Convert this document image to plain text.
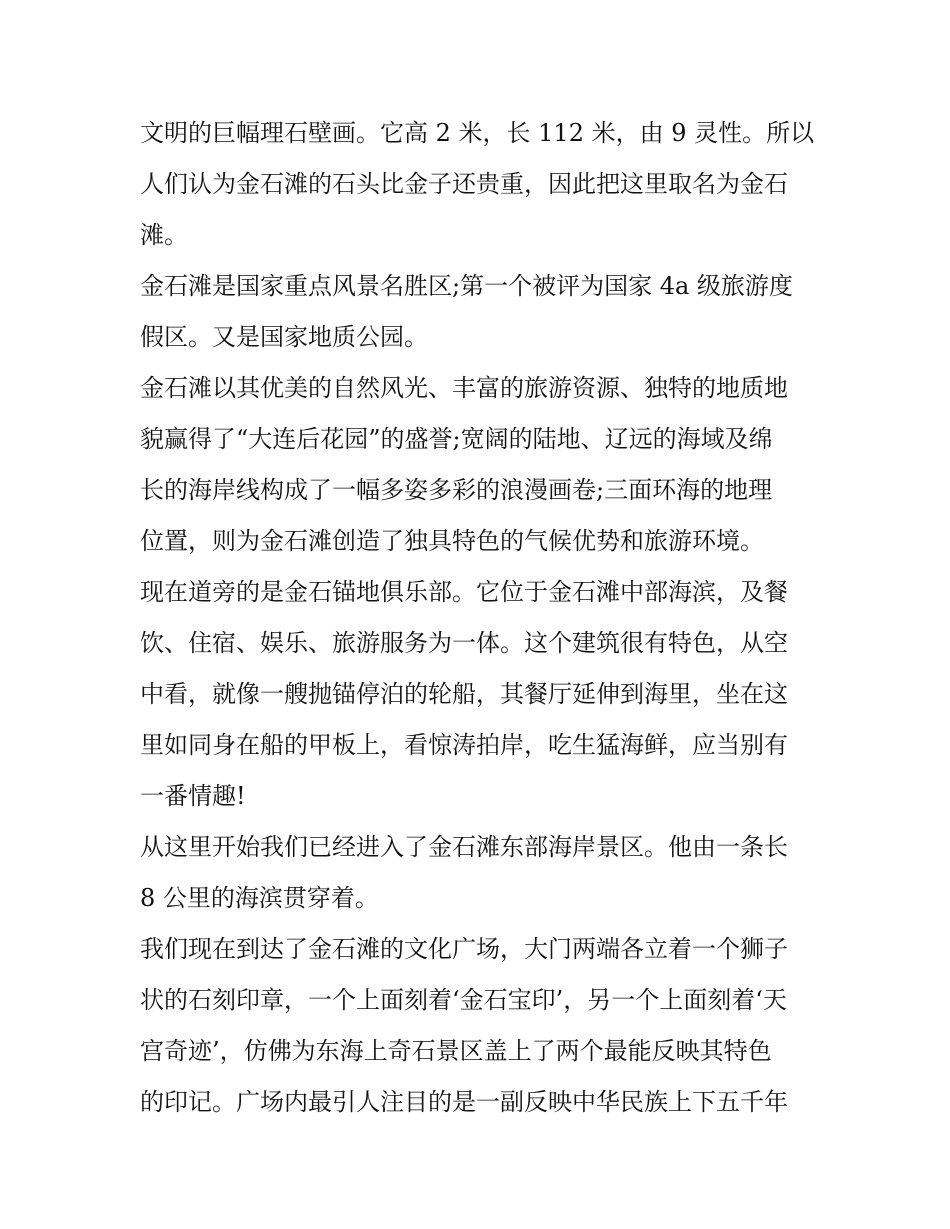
文明的巨幅理石壁画。它高 2 米，长 112 米，由 9 灵性。所以
人们认为金石滩的石头比金子还贵重，因此把这里取名为金石
滩。
金石滩是国家重点风景名胜区;第一个被评为国家 4a 级旅游度
假区。又是国家地质公园。
金石滩以其优美的自然风光、丰富的旅游资源、独特的地质地
貌赢得了“大连后花园”的盛誉;宽阔的陆地、辽远的海域及绵
长的海岸线构成了一幅多姿多彩的浪漫画卷;三面环海的地理
位置，则为金石滩创造了独具特色的气候优势和旅游环境。
现在道旁的是金石锚地俱乐部。它位于金石滩中部海滨，及餐
饮、住宿、娱乐、旅游服务为一体。这个建筑很有特色，从空
中看，就像一艘抛锚停泊的轮船，其餐厅延伸到海里，坐在这
里如同身在船的甲板上，看惊涛拍岸，吃生猛海鲜，应当别有
一番情趣!
从这里开始我们已经进入了金石滩东部海岸景区。他由一条长
8 公里的海滨贯穿着。
我们现在到达了金石滩的文化广场，大门两端各立着一个狮子
状的石刻印章，一个上面刻着‘金石宝印’，另一个上面刻着‘天
宫奇迹’，仿佛为东海上奇石景区盖上了两个最能反映其特色
的印记。广场内最引人注目的是一副反映中华民族上下五千年
